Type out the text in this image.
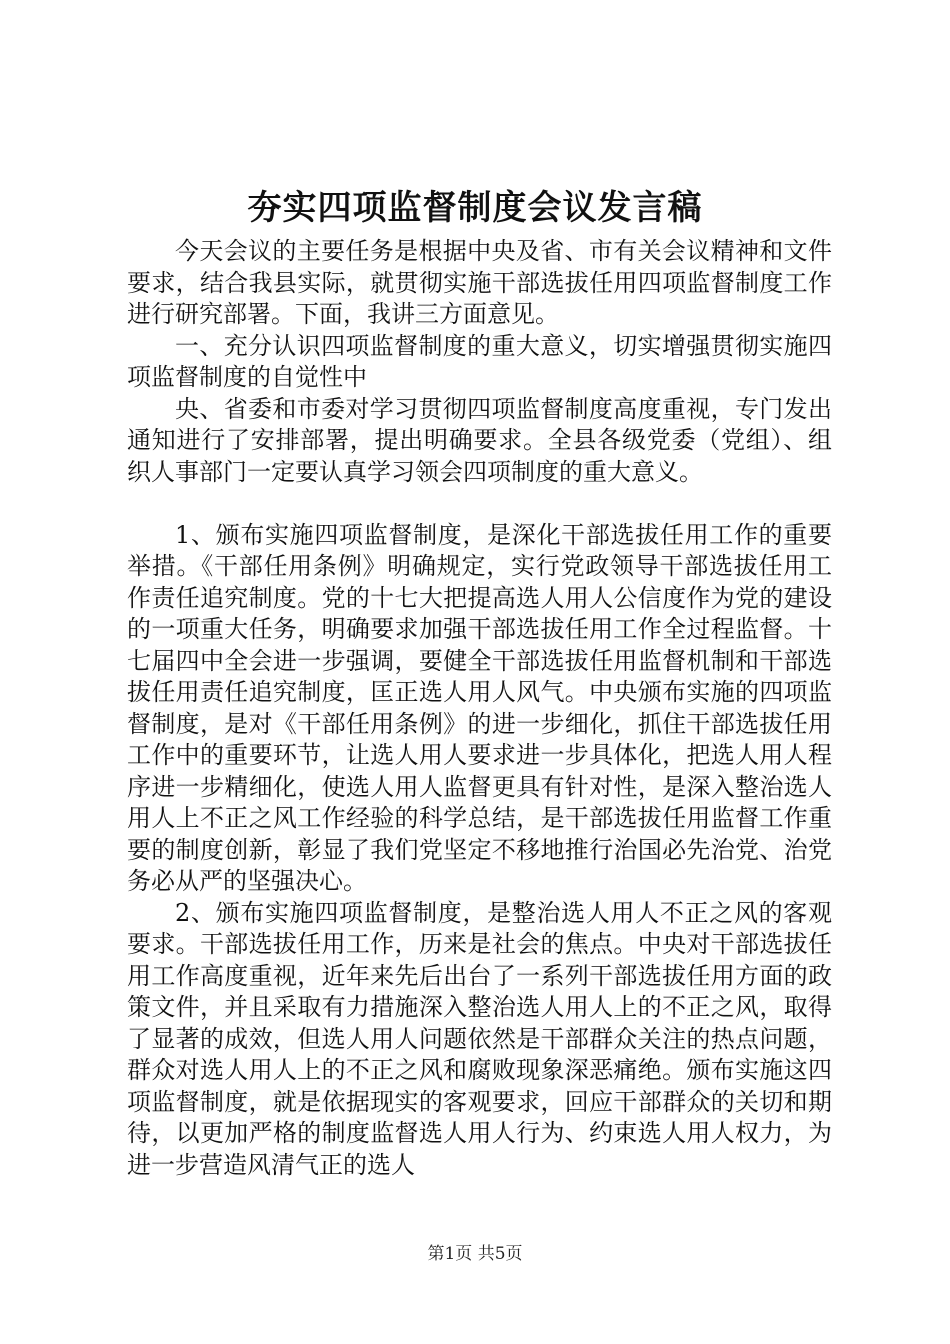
夯实四项监督制度会议发言稿

今天会议的主要任务是根据中央及省、市有关会议精神和文件要求，结合我县实际，就贯彻实施干部选拔任用四项监督制度工作进行研究部署。下面，我讲三方面意见。

一、充分认识四项监督制度的重大意义，切实增强贯彻实施四项监督制度的自觉性中

央、省委和市委对学习贯彻四项监督制度高度重视，专门发出通知进行了安排部署，提出明确要求。全县各级党委（党组）、组织人事部门一定要认真学习领会四项制度的重大意义。

1、颁布实施四项监督制度，是深化干部选拔任用工作的重要举措。《干部任用条例》明确规定，实行党政领导干部选拔任用工作责任追究制度。党的十七大把提高选人用人公信度作为党的建设的一项重大任务，明确要求加强干部选拔任用工作全过程监督。十七届四中全会进一步强调，要健全干部选拔任用监督机制和干部选拔任用责任追究制度，匡正选人用人风气。中央颁布实施的四项监督制度，是对《干部任用条例》的进一步细化，抓住干部选拔任用工作中的重要环节，让选人用人要求进一步具体化，把选人用人程序进一步精细化，使选人用人监督更具有针对性，是深入整治选人用人上不正之风工作经验的科学总结，是干部选拔任用监督工作重要的制度创新，彰显了我们党坚定不移地推行治国必先治党、治党务必从严的坚强决心。

2、颁布实施四项监督制度，是整治选人用人不正之风的客观要求。干部选拔任用工作，历来是社会的焦点。中央对干部选拔任用工作高度重视，近年来先后出台了一系列干部选拔任用方面的政策文件，并且采取有力措施深入整治选人用人上的不正之风，取得了显著的成效，但选人用人问题依然是干部群众关注的热点问题，群众对选人用人上的不正之风和腐败现象深恶痛绝。颁布实施这四项监督制度，就是依据现实的客观要求，回应干部群众的关切和期待，以更加严格的制度监督选人用人行为、约束选人用人权力，为进一步营造风清气正的选人

第1页 共5页
